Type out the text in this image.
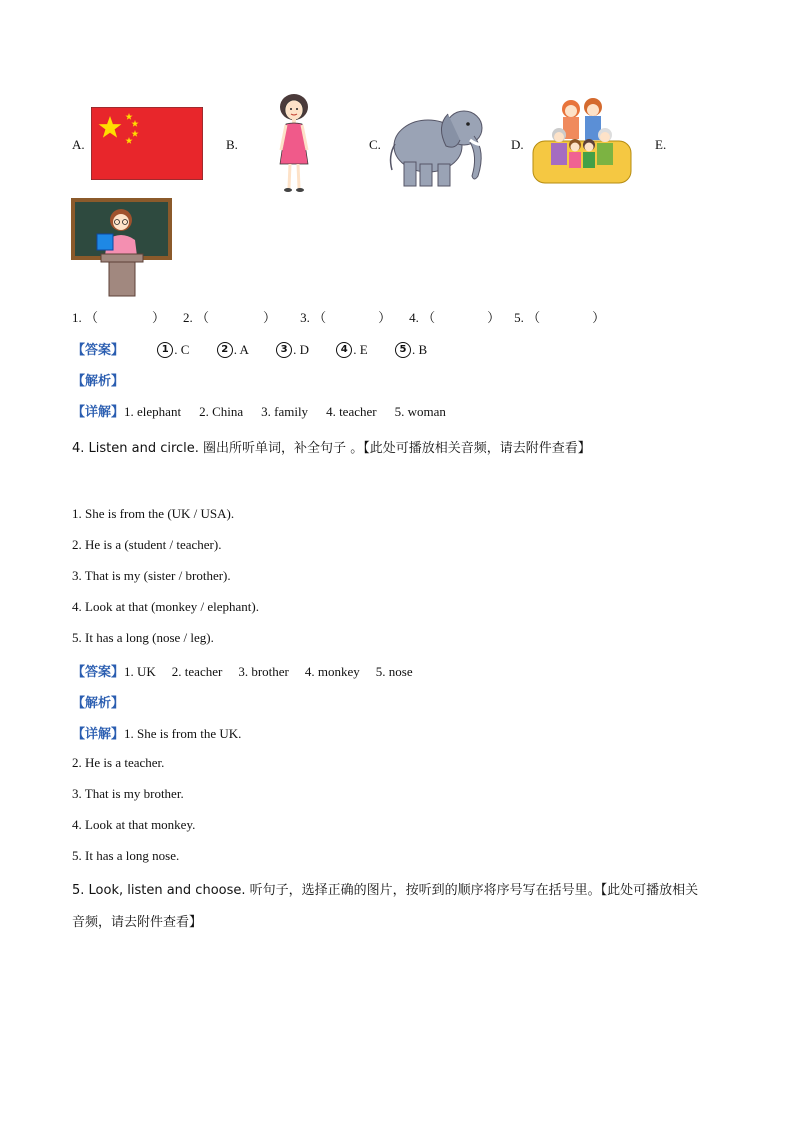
A.	B.	C.	D.	E.
1. （	） 2. （	） 3. （	） 4. （	） 5. （	）
【答案】	1 . C	2 . A	3 . D	4 . E	5 . B
【解析】
【详解】1. elephant 2. China 3. family 4. teacher 5. woman
4. Listen and circle. 圈出所听单词，补全句子 。【此处可播放相关音频，请去附件查看】
1. She is from the (UK / USA).
2. He is a (student / teacher).
3. That is my (sister / brother).
4. Look at that (monkey / elephant).
5. It has a long (nose / leg).
【答案】1. UK 2. teacher 3. brother 4. monkey 5. nose
【解析】
【详解】1. She is from the UK.
2. He is a teacher.
3. That is my brother.
4. Look at that monkey.
5. It has a long nose.
5. Look, listen and choose. 听句子，选择正确的图片，按听到的顺序将序号写在括号里。【此处可播放相关
音频，请去附件查看】
